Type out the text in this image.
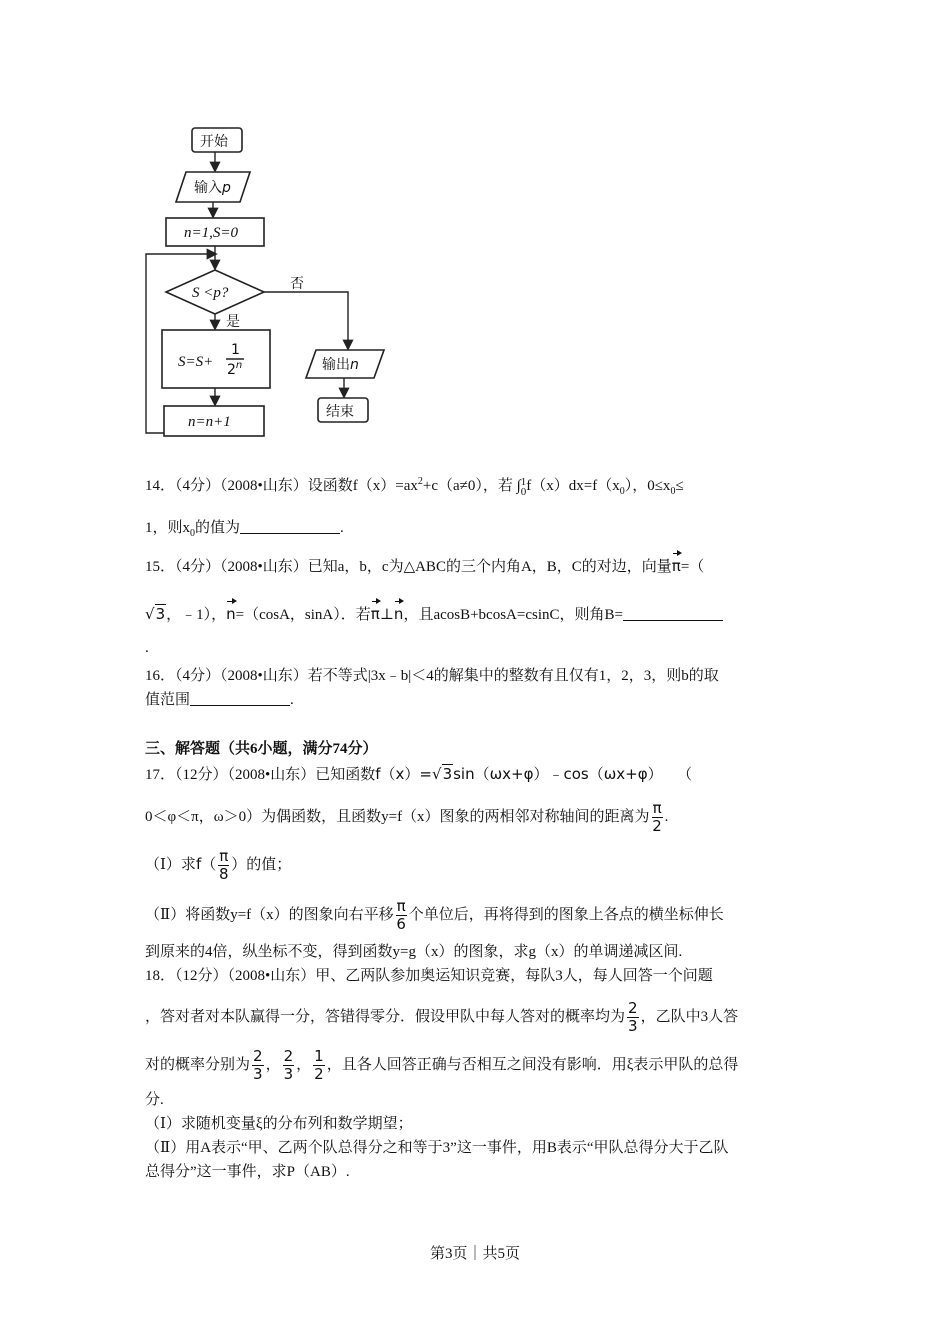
开始
输入p
n=1,S=0
S <p?
否
是
S=S+
1
2$^n$
n=n+1
输出n
结束
14．（4分）（2008•山东）设函数$f(x)=ax^2+c(a\ne 0)$，若 ∫ 1
0 $f(x)dx=f(x_0)$，$0\le x_0\le$
1，则$x_0$的值为	.
15．（4分）（2008•山东）已知a，b，c为△ABC的三个内角A，B，C的对边，向量π=（
√3，﹣1），n=（cosA，sinA）．若π⊥n，且acosB+bcosA=csinC，则角B=
.
16．（4分）（2008•山东）若不等式|3x﹣b|＜4的解集中的整数有且仅有1，2，3，则b的取
值范围	.
三、解答题（共6小题，满分74分）
17．（12分）（2008•山东）已知函数f（x）=√3sin（ωx+φ）﹣cos（ωx+φ） （
0＜φ＜π，ω＞0）为偶函数，且函数y=f（x）图象的两相邻对称轴间的距离为 $\frac{\pi}{2}$ .
（Ⅰ）求$f( \frac{\pi}{8}$ ）的值；
（Ⅱ）将函数y=f（x）的图象向右平移 $\frac{\pi}{6}$ 个单位后，再将得到的图象上各点的横坐标伸长
到原来的4倍，纵坐标不变，得到函数y=g（x）的图象，求g（x）的单调递减区间.
18．（12分）（2008•山东）甲、乙两队参加奥运知识竞赛，每队3人，每人回答一个问题
，答对者对本队赢得一分，答错得零分．假设甲队中每人答对的概率均为 $\frac{2}{3}$ ，乙队中3人答
对的概率分别为 $\frac{2}{3}$ ， $\frac{2}{3}$ ， $\frac{1}{2}$ ，且各人回答正确与否相互之间没有影响．用ξ表示甲队的总得
分.
（Ⅰ）求随机变量ξ的分布列和数学期望；
（Ⅱ）用A表示“甲、乙两个队总得分之和等于3”这一事件，用B表示“甲队总得分大于乙队
总得分”这一事件，求P（AB）.
第3页｜共5页
